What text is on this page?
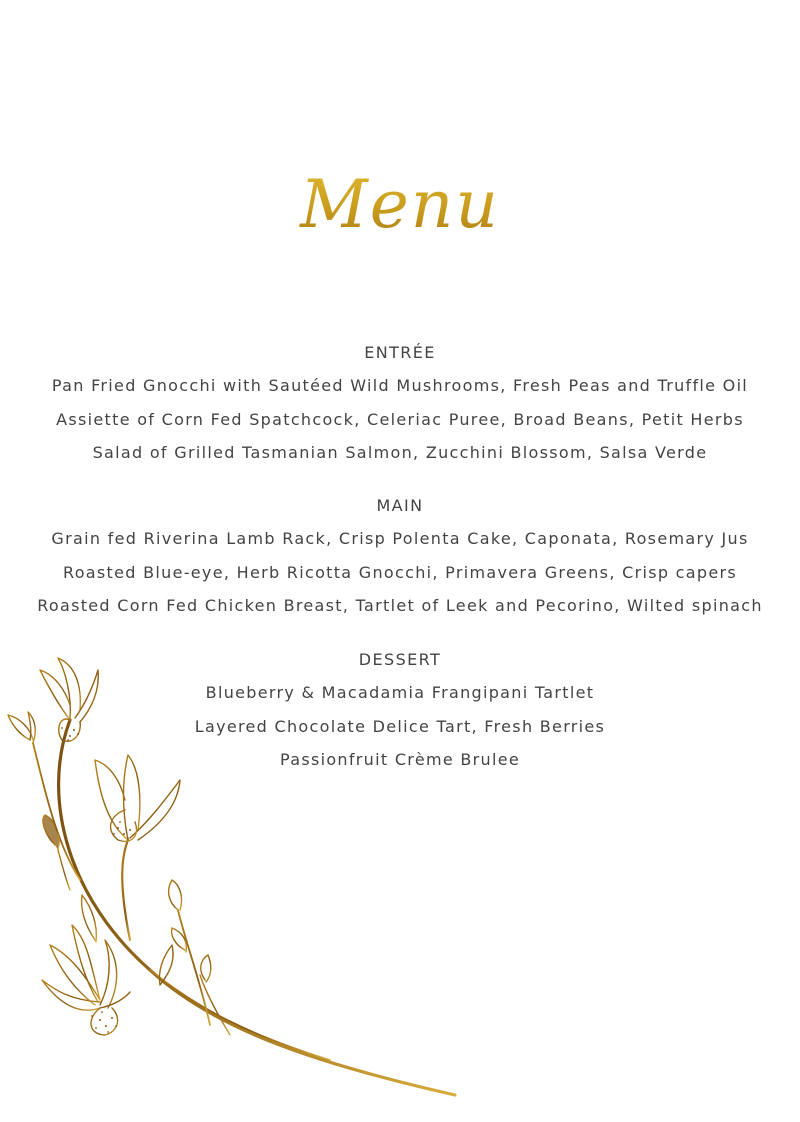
Menu
ENTRÉE
Pan Fried Gnocchi with Sautéed Wild Mushrooms, Fresh Peas and Truffle Oil
Assiette of Corn Fed Spatchcock, Celeriac Puree, Broad Beans, Petit Herbs
Salad of Grilled Tasmanian Salmon, Zucchini Blossom, Salsa Verde
MAIN
Grain fed Riverina Lamb Rack, Crisp Polenta Cake, Caponata, Rosemary Jus
Roasted Blue-eye, Herb Ricotta Gnocchi, Primavera Greens, Crisp capers
Roasted Corn Fed Chicken Breast, Tartlet of Leek and Pecorino, Wilted spinach
DESSERT
Blueberry & Macadamia Frangipani Tartlet
Layered Chocolate Delice Tart, Fresh Berries
Passionfruit Crème Brulee
